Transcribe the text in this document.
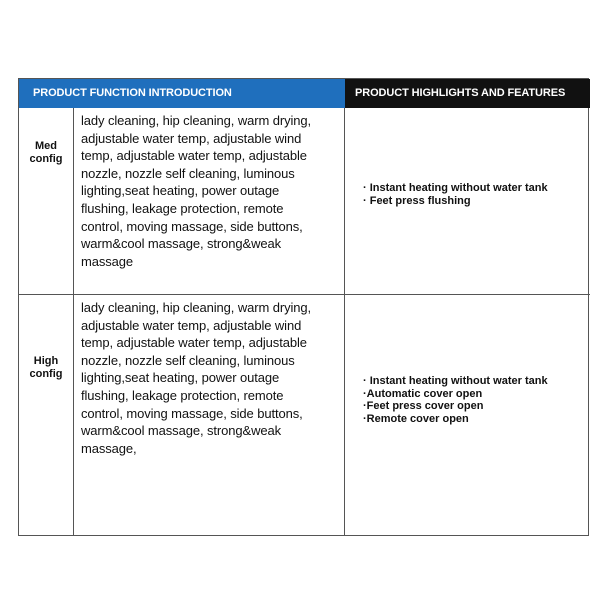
PRODUCT FUNCTION INTRODUCTION	PRODUCT HIGHLIGHTS AND FEATURES
Med
config
lady cleaning, hip cleaning, warm drying,
adjustable water temp, adjustable wind
temp, adjustable water temp, adjustable
nozzle, nozzle self cleaning, luminous
lighting,seat heating, power outage
flushing, leakage protection, remote
control, moving massage, side buttons,
warm&cool massage, strong&weak
massage
· Instant heating without water tank
· Feet press flushing
High
config
lady cleaning, hip cleaning, warm drying,
adjustable water temp, adjustable wind
temp, adjustable water temp, adjustable
nozzle, nozzle self cleaning, luminous
lighting,seat heating, power outage
flushing, leakage protection, remote
control, moving massage, side buttons,
warm&cool massage, strong&weak
massage,
· Instant heating without water tank
·Automatic cover open
·Feet press cover open
·Remote cover open
